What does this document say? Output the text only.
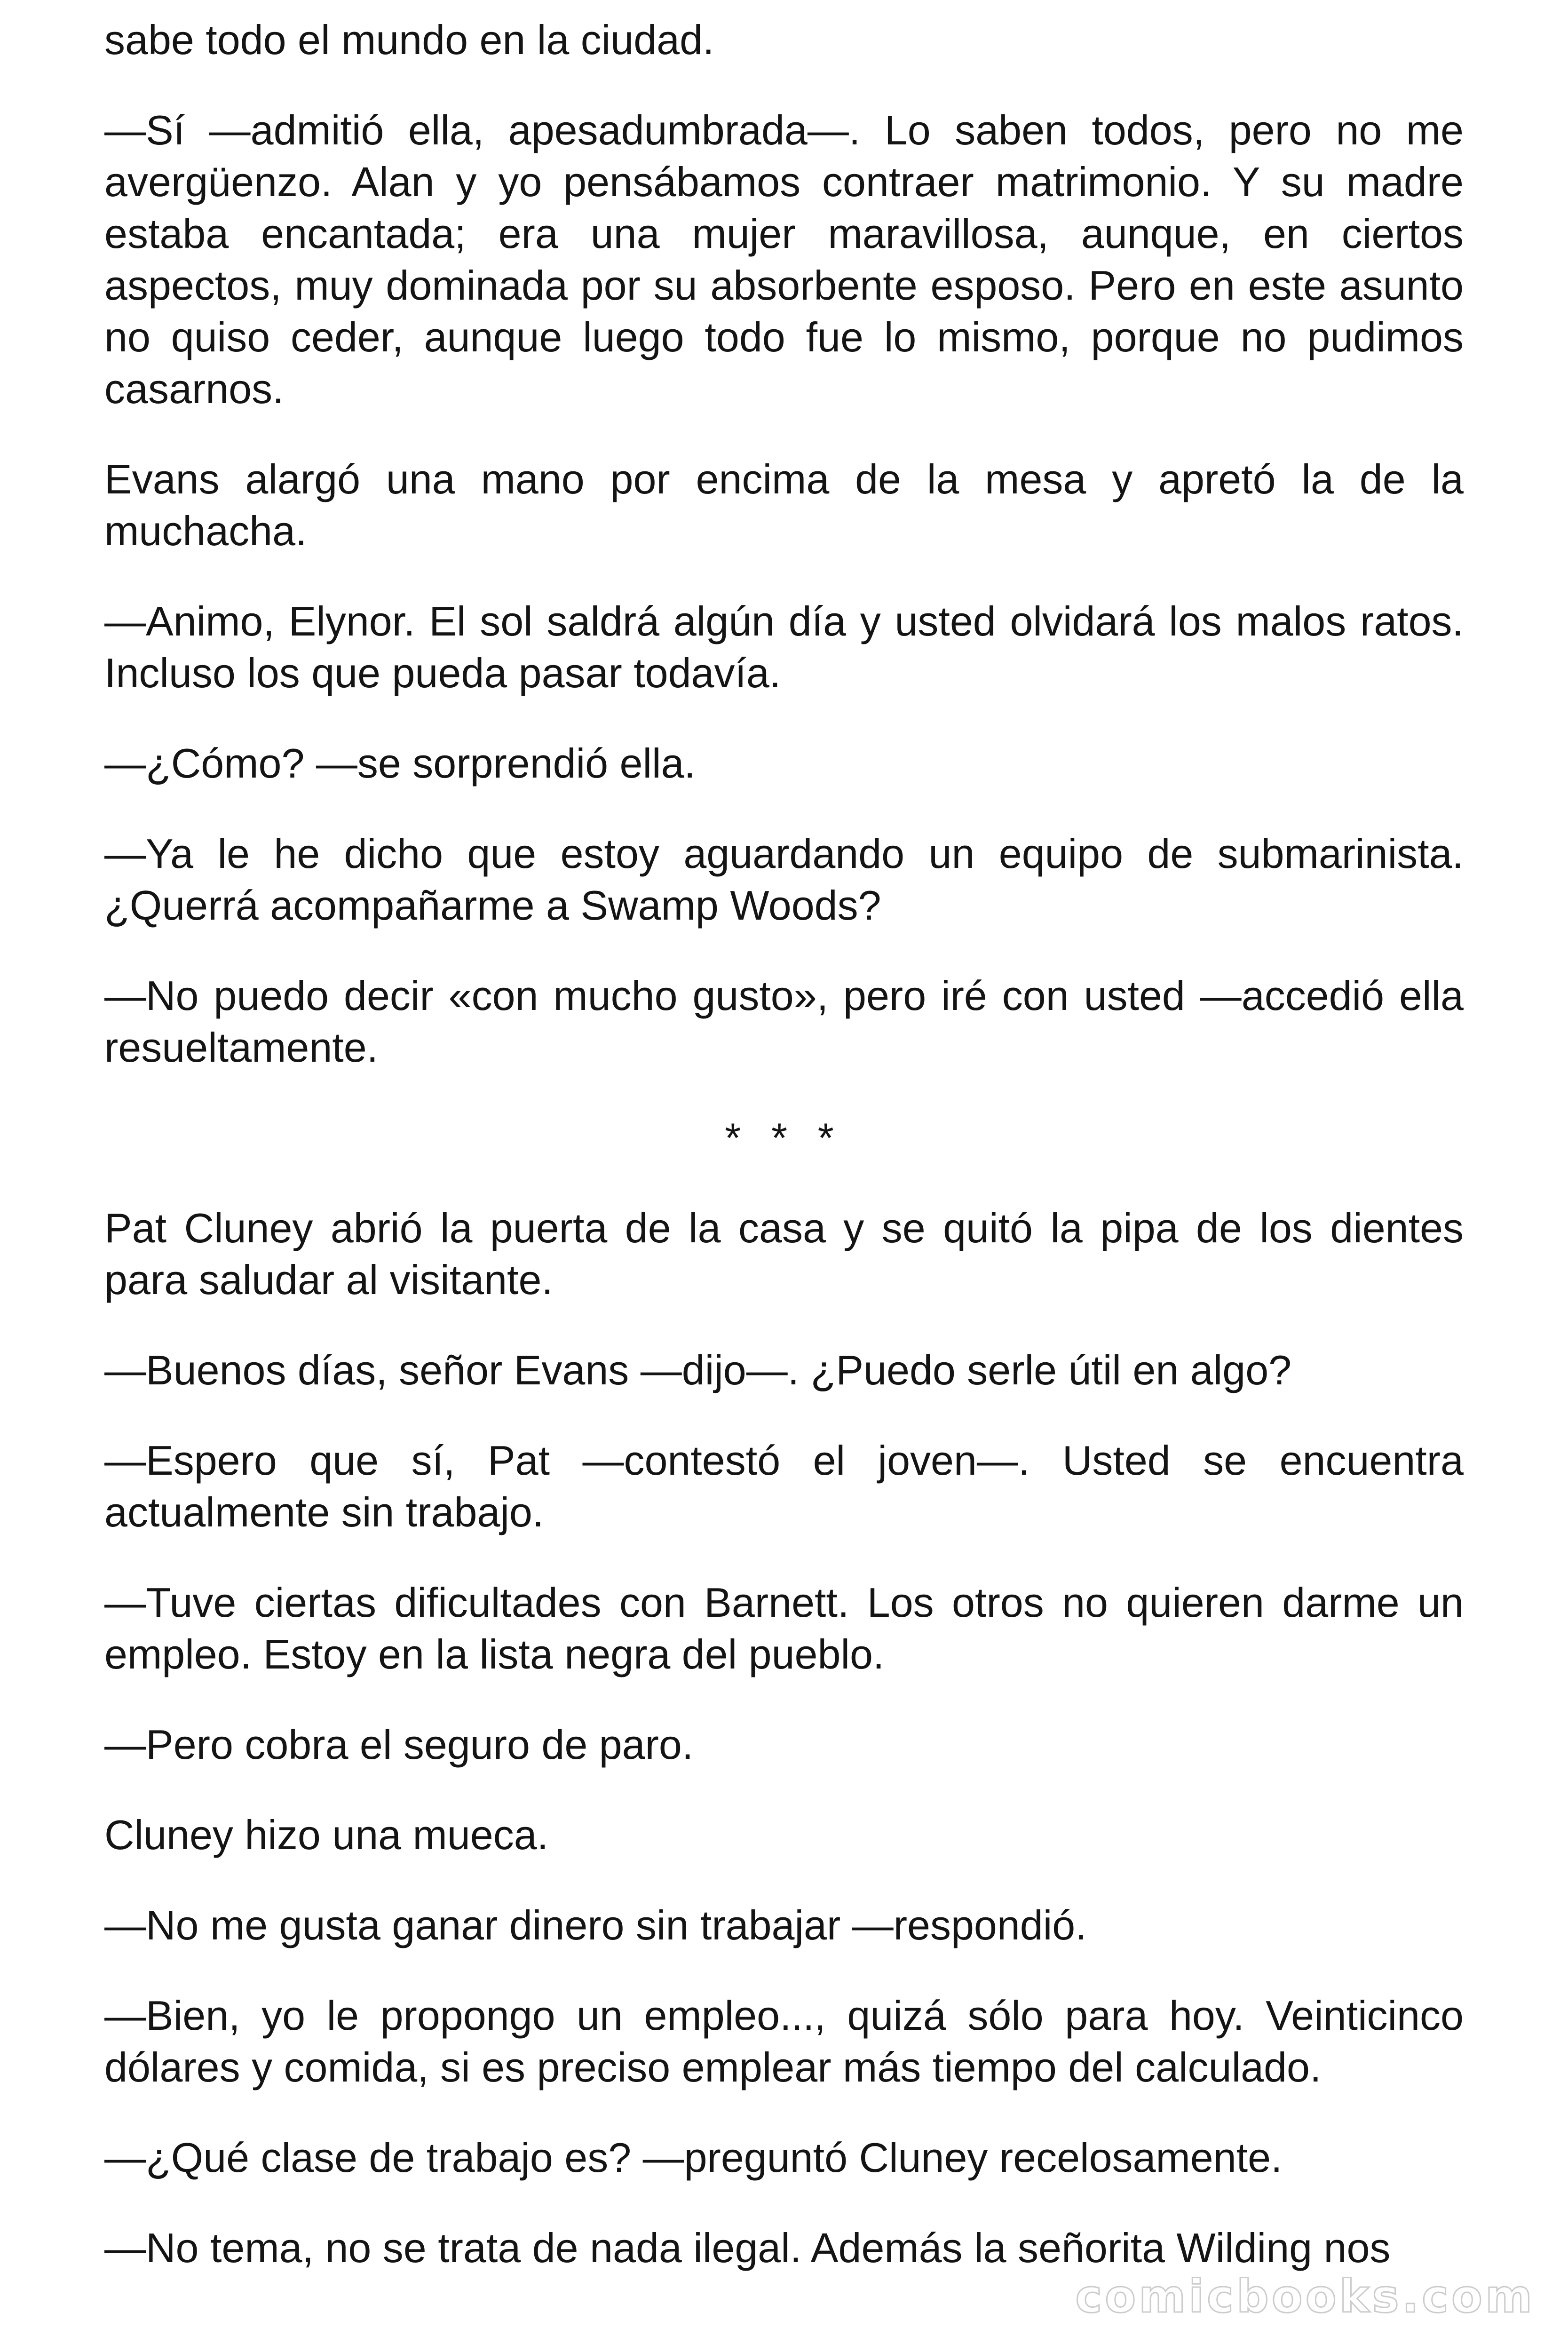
sabe todo el mundo en la ciudad.

—Sí —admitió ella, apesadumbrada—. Lo saben todos, pero no me avergüenzo. Alan y yo pensábamos contraer matrimonio. Y su madre estaba encantada; era una mujer maravillosa, aunque, en ciertos aspectos, muy dominada por su absorbente esposo. Pero en este asunto no quiso ceder, aunque luego todo fue lo mismo, porque no pudimos casarnos.

Evans alargó una mano por encima de la mesa y apretó la de la muchacha.

—Animo, Elynor. El sol saldrá algún día y usted olvidará los malos ratos. Incluso los que pueda pasar todavía.

—¿Cómo? —se sorprendió ella.

—Ya le he dicho que estoy aguardando un equipo de submarinista. ¿Querrá acompañarme a Swamp Woods?

—No puedo decir «con mucho gusto», pero iré con usted —accedió ella resueltamente.

* * *

Pat Cluney abrió la puerta de la casa y se quitó la pipa de los dientes para saludar al visitante.

—Buenos días, señor Evans —dijo—. ¿Puedo serle útil en algo?

—Espero que sí, Pat —contestó el joven—. Usted se encuentra actualmente sin trabajo.

—Tuve ciertas dificultades con Barnett. Los otros no quieren darme un empleo. Estoy en la lista negra del pueblo.

—Pero cobra el seguro de paro.

Cluney hizo una mueca.

—No me gusta ganar dinero sin trabajar —respondió.

—Bien, yo le propongo un empleo..., quizá sólo para hoy. Veinticinco dólares y comida, si es preciso emplear más tiempo del calculado.

—¿Qué clase de trabajo es? —preguntó Cluney recelosamente.

—No tema, no se trata de nada ilegal. Además la señorita Wilding nos

comicbooks.com
